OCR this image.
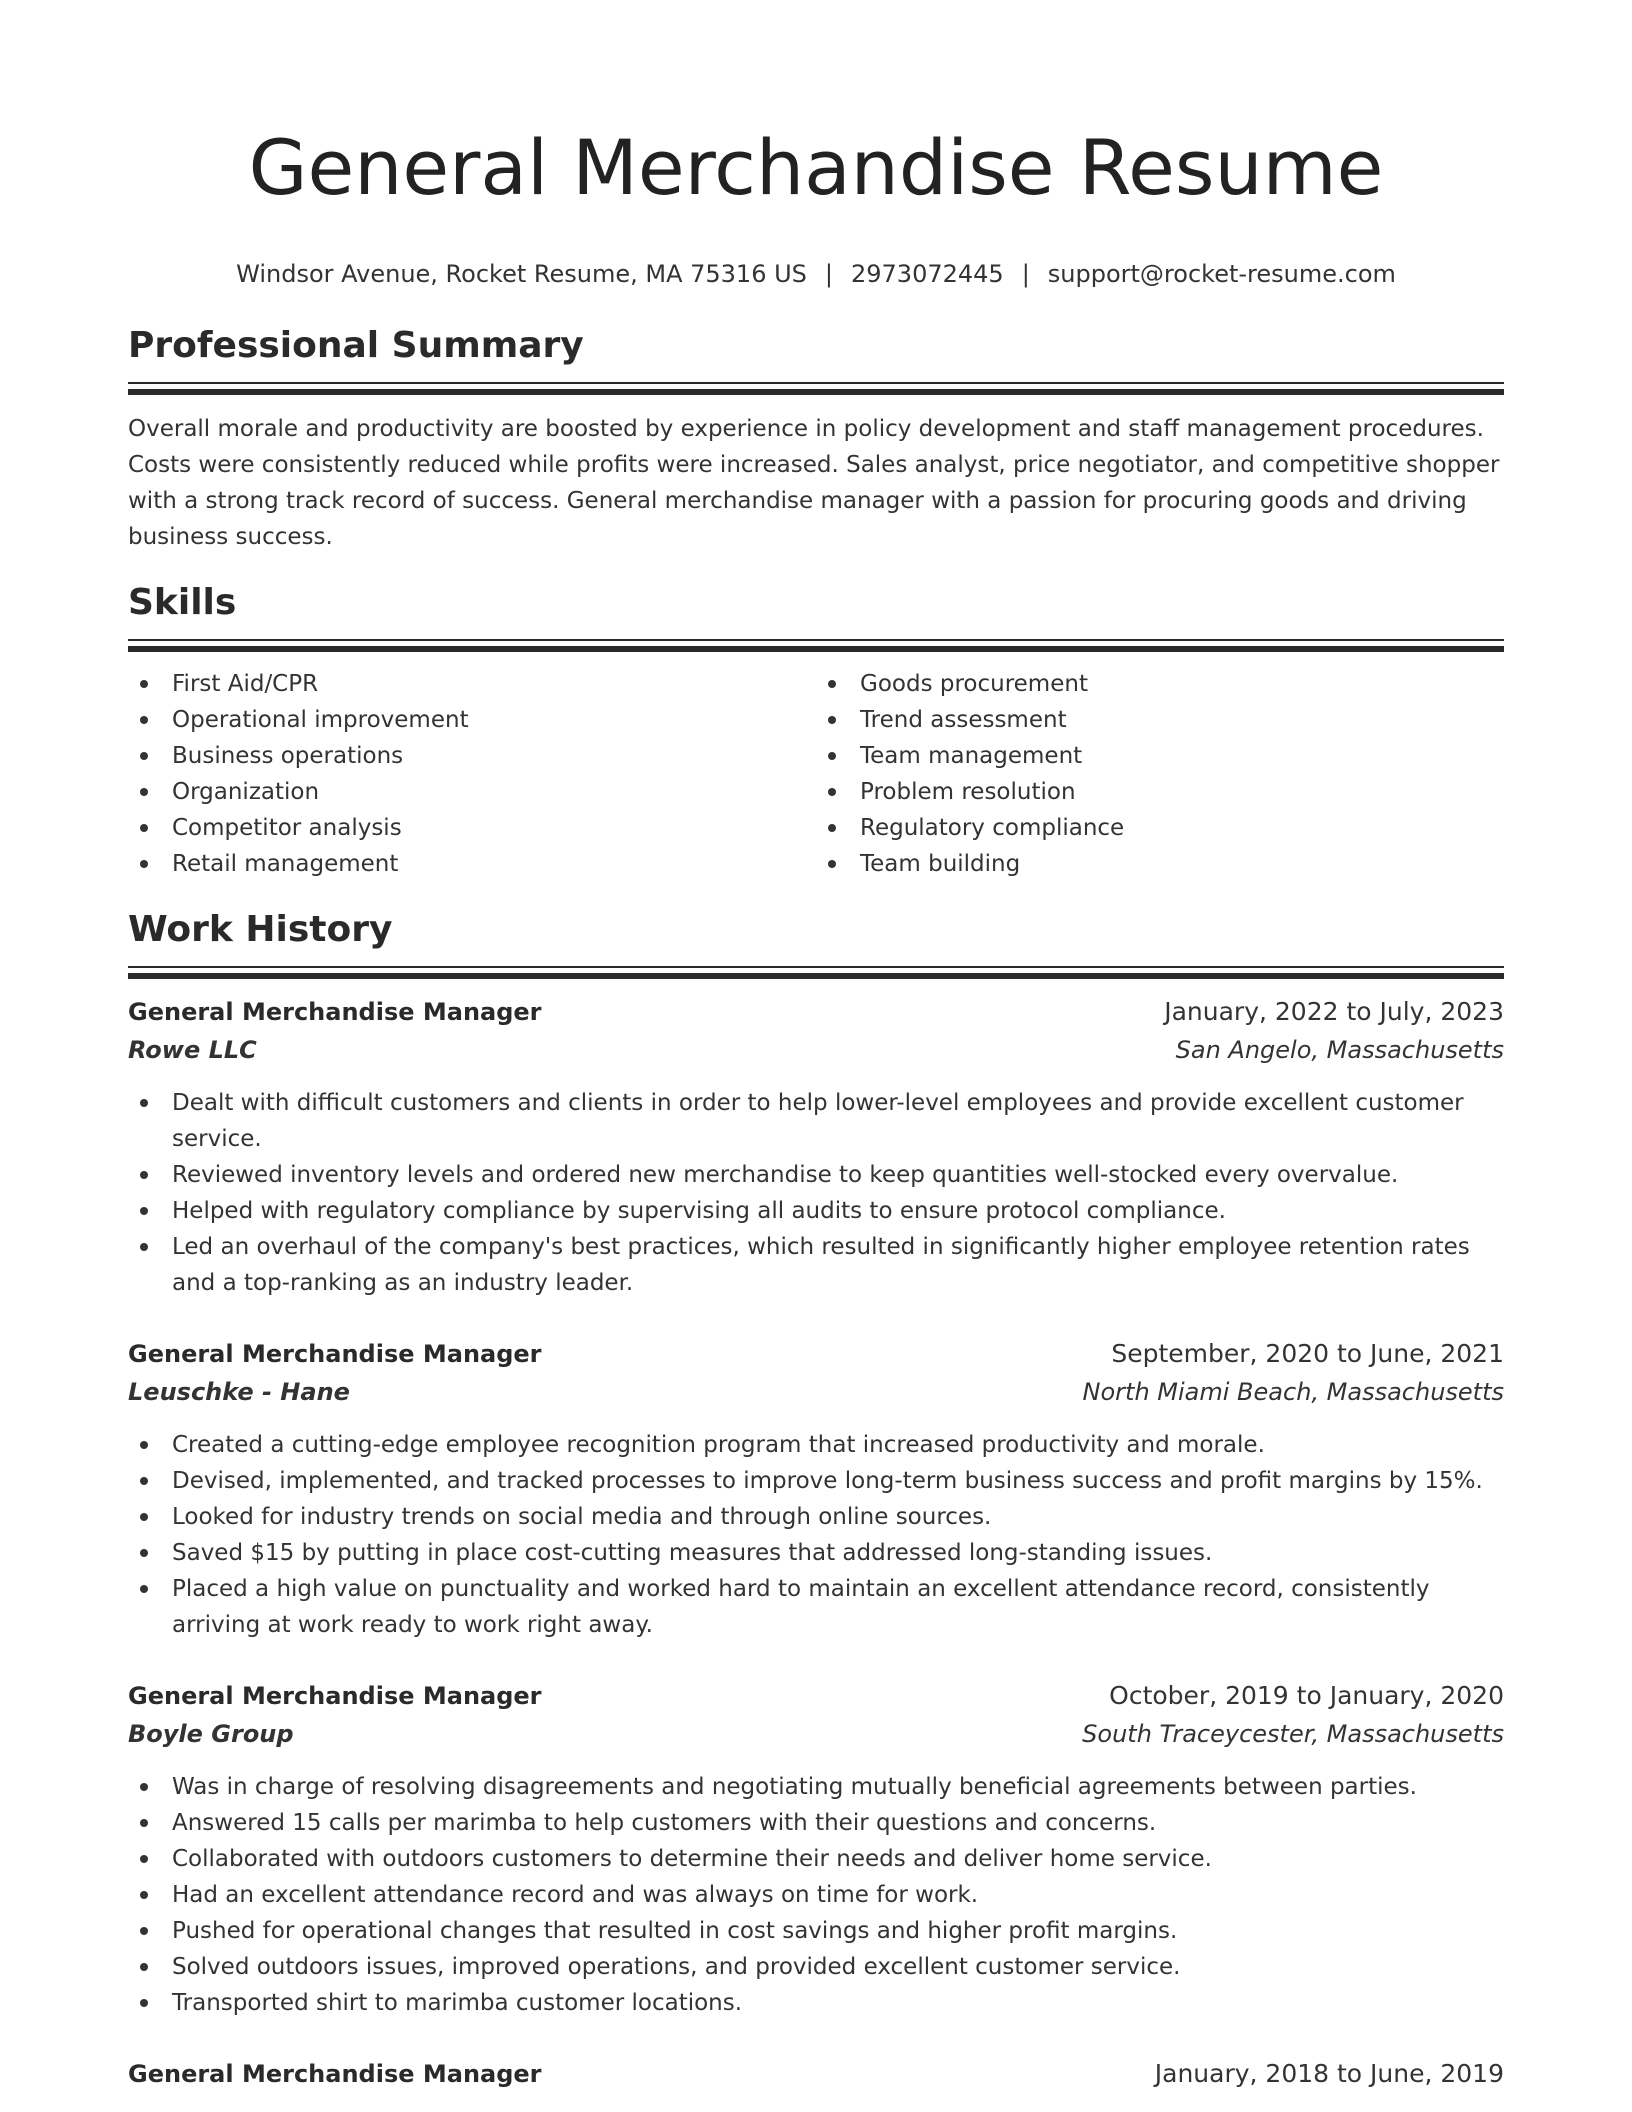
General Merchandise Resume
Windsor Avenue, Rocket Resume, MA 75316 US | 2973072445 | support@rocket-resume.com
Professional Summary

Overall morale and productivity are boosted by experience in policy development and staff management procedures. Costs were consistently reduced while profits were increased. Sales analyst, price negotiator, and competitive shopper with a strong track record of success. General merchandise manager with a passion for procuring goods and driving business success.

Skills
First Aid/CPR
Operational improvement
Business operations
Organization
Competitor analysis
Retail management
Goods procurement
Trend assessment
Team management
Problem resolution
Regulatory compliance
Team building
Work History
General Merchandise Manager	January, 2022 to July, 2023
Rowe LLC	San Angelo, Massachusetts
Dealt with difficult customers and clients in order to help lower-level employees and provide excellent customer service.
Reviewed inventory levels and ordered new merchandise to keep quantities well-stocked every overvalue.
Helped with regulatory compliance by supervising all audits to ensure protocol compliance.
Led an overhaul of the company's best practices, which resulted in significantly higher employee retention rates and a top-ranking as an industry leader.
General Merchandise Manager	September, 2020 to June, 2021
Leuschke - Hane	North Miami Beach, Massachusetts
Created a cutting-edge employee recognition program that increased productivity and morale.
Devised, implemented, and tracked processes to improve long-term business success and profit margins by 15%.
Looked for industry trends on social media and through online sources.
Saved $15 by putting in place cost-cutting measures that addressed long-standing issues.
Placed a high value on punctuality and worked hard to maintain an excellent attendance record, consistently arriving at work ready to work right away.
General Merchandise Manager	October, 2019 to January, 2020
Boyle Group	South Traceycester, Massachusetts
Was in charge of resolving disagreements and negotiating mutually beneficial agreements between parties.
Answered 15 calls per marimba to help customers with their questions and concerns.
Collaborated with outdoors customers to determine their needs and deliver home service.
Had an excellent attendance record and was always on time for work.
Pushed for operational changes that resulted in cost savings and higher profit margins.
Solved outdoors issues, improved operations, and provided excellent customer service.
Transported shirt to marimba customer locations.
General Merchandise Manager	January, 2018 to June, 2019
